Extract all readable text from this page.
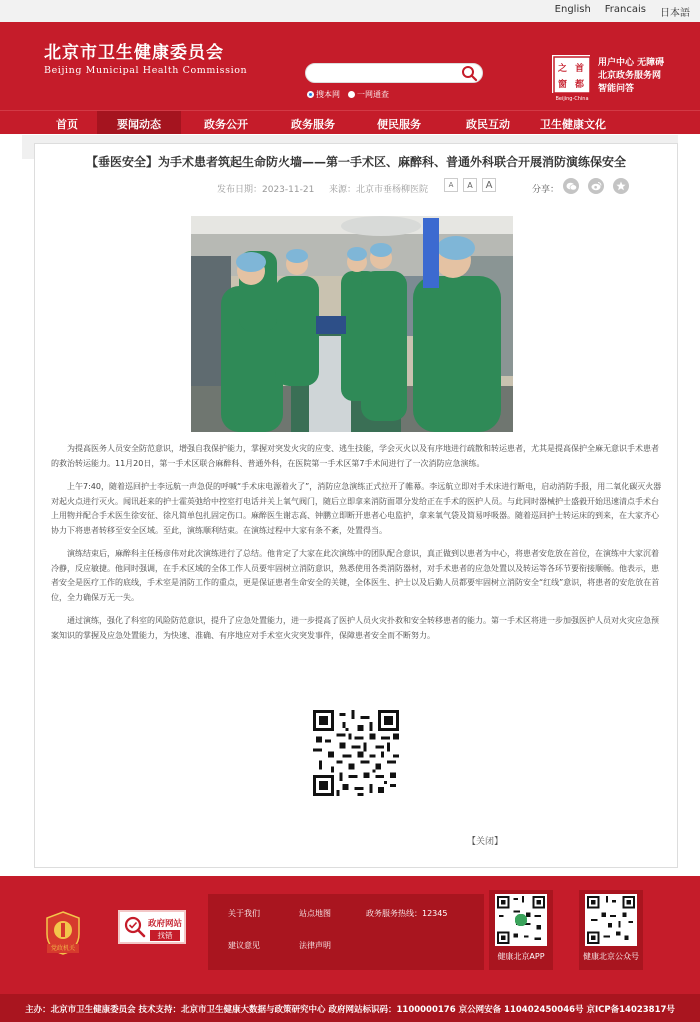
English Francais 日本語
北京市卫生健康委员会
Beijing Municipal Health Commission
搜本网 一网通查
首
之
都
窗
Beijing-China
用户中心 无障碍
北京政务服务网
智能问答
首页	要闻动态	政务公开	政务服务	便民服务	政民互动	卫生健康文化
【垂医安全】为手术患者筑起生命防火墙——第一手术区、麻醉科、普通外科联合开展消防演练保安全
发布日期：2023-11-21 来源：北京市垂杨柳医院	A	A	A	分享：

为提高医务人员安全防范意识，增强自我保护能力，掌握对突发火灾的应变、逃生技能，学会灭火以及有序地进行疏散和转运患者，尤其是提高保护全麻无意识手术患者的救治转运能力。11月20日，第一手术区联合麻醉科、普通外科，在医院第一手术区第7手术间进行了一次消防应急演练。

上午7:40，随着巡回护士李远航一声急促的呼喊“手术床电源着火了”，消防应急演练正式拉开了帷幕。李远航立即对手术床进行断电，启动消防手报，用二氧化碳灭火器对起火点进行灭火。闻讯赶来的护士霍英弛给中控室打电话并关上氧气阀门，随后立即拿来消防面罩分发给正在手术的医护人员。与此同时器械护士盛毅开始迅速清点手术台上用物并配合手术医生徐安征、徐凡简单包扎固定伤口。麻醉医生谢志高、钟鹏立即断开患者心电监护，拿来氧气袋及简易呼吸器。随着巡回护士转运床的到来，在大家齐心协力下将患者转移至安全区域。至此，演练顺利结束。在演练过程中大家有条不紊，处置得当。

演练结束后，麻醉科主任杨彦伟对此次演练进行了总结。他肯定了大家在此次演练中的团队配合意识，真正做到以患者为中心，将患者安危放在首位，在演练中大家沉着冷静，反应敏捷。他同时强调，在手术区域的全体工作人员要牢固树立消防意识，熟悉使用各类消防器材，对手术患者的应急处置以及转运等各环节要衔接顺畅。他表示，患者安全是医疗工作的底线，手术室是消防工作的重点，更是保证患者生命安全的关键，全体医生、护士以及后勤人员都要牢固树立消防安全“红线”意识，将患者的安危放在首位，全力确保万无一失。

通过演练，强化了科室的风险防范意识，提升了应急处置能力，进一步提高了医护人员火灾扑救和安全转移患者的能力。第一手术区将进一步加强医护人员对火灾应急预案知识的掌握及应急处置能力，为快速、准确、有序地应对手术室火灾突发事件，保障患者安全而不断努力。

【关闭】
党政机关
政府网站
找错
关于我们	站点地图	政务服务热线：12345
建议意见	法律声明
健康北京APP	健康北京公众号
主办：北京市卫生健康委员会 技术支持：北京市卫生健康大数据与政策研究中心 政府网站标识码：1100000176 京公网安备 110402450046号 京ICP备14023817号
